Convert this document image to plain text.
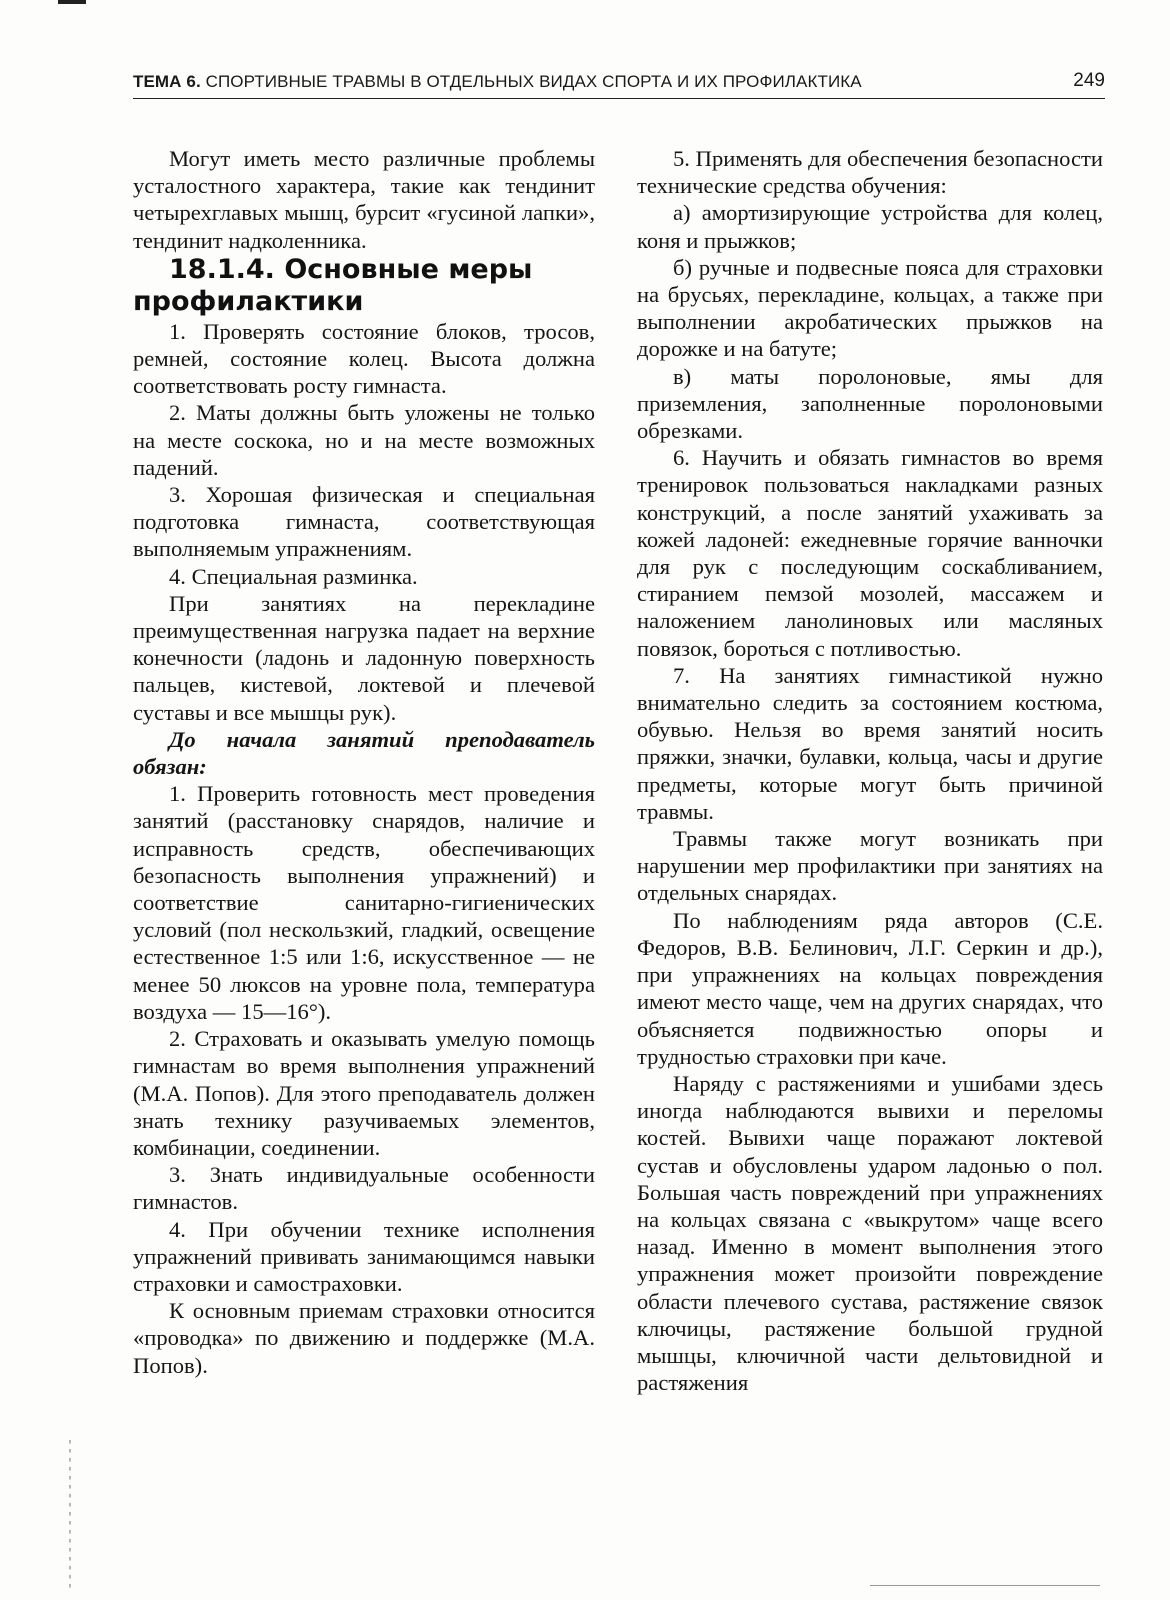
ТЕМА 6. СПОРТИВНЫЕ ТРАВМЫ В ОТДЕЛЬНЫХ ВИДАХ СПОРТА И ИХ ПРОФИЛАКТИКА	249

Могут иметь место различные проблемы усталостного характера, такие как тендинит четырехглавых мышц, бурсит «гусиной лапки», тендинит надколенника.

18.1.4. Основные меры профилактики

1. Проверять состояние блоков, тросов, ремней, состояние колец. Высота должна соответствовать росту гимнаста.

2. Маты должны быть уложены не только на месте соскока, но и на месте возможных падений.

3. Хорошая физическая и специальная подготовка гимнаста, соответствующая выполняемым упражнениям.

4. Специальная разминка.

При занятиях на перекладине преимущественная нагрузка падает на верхние конечности (ладонь и ладонную поверхность пальцев, кистевой, локтевой и плечевой суставы и все мышцы рук).

До начала занятий преподаватель обязан:

1. Проверить готовность мест проведения занятий (расстановку снарядов, наличие и исправность средств, обеспечивающих безопасность выполнения упражнений) и соответствие санитарно-гигиенических условий (пол нескользкий, гладкий, освещение естественное 1:5 или 1:6, искусственное — не менее 50 люксов на уровне пола, температура воздуха — 15—16°).

2. Страховать и оказывать умелую помощь гимнастам во время выполнения упражнений (М.А. Попов). Для этого преподаватель должен знать технику разучиваемых элементов, комбинации, соединении.

3. Знать индивидуальные особенности гимнастов.

4. При обучении технике исполнения упражнений прививать занимающимся навыки страховки и самостраховки.

К основным приемам страховки относится «проводка» по движению и поддержке (М.А. Попов).

5. Применять для обеспечения безопасности технические средства обучения:

а) амортизирующие устройства для колец, коня и прыжков;

б) ручные и подвесные пояса для страховки на брусьях, перекладине, кольцах, а также при выполнении акробатических прыжков на дорожке и на батуте;

в) маты поролоновые, ямы для приземления, заполненные поролоновыми обрезками.

6. Научить и обязать гимнастов во время тренировок пользоваться накладками разных конструкций, а после занятий ухаживать за кожей ладоней: ежедневные горячие ванночки для рук с последующим соскабливанием, стиранием пемзой мозолей, массажем и наложением ланолиновых или масляных повязок, бороться с потливостью.

7. На занятиях гимнастикой нужно внимательно следить за состоянием костюма, обувью. Нельзя во время занятий носить пряжки, значки, булавки, кольца, часы и другие предметы, которые могут быть причиной травмы.

Травмы также могут возникать при нарушении мер профилактики при занятиях на отдельных снарядах.

По наблюдениям ряда авторов (С.Е. Федоров, В.В. Белинович, Л.Г. Серкин и др.), при упражнениях на кольцах повреждения имеют место чаще, чем на других снарядах, что объясняется подвижностью опоры и трудностью страховки при каче.

Наряду с растяжениями и ушибами здесь иногда наблюдаются вывихи и переломы костей. Вывихи чаще поражают локтевой сустав и обусловлены ударом ладонью о пол. Большая часть повреждений при упражнениях на кольцах связана с «выкрутом» чаще всего назад. Именно в момент выполнения этого упражнения может произойти повреждение области плечевого сустава, растяжение связок ключицы, растяжение большой грудной мышцы, ключичной части дельтовидной и растяжения
